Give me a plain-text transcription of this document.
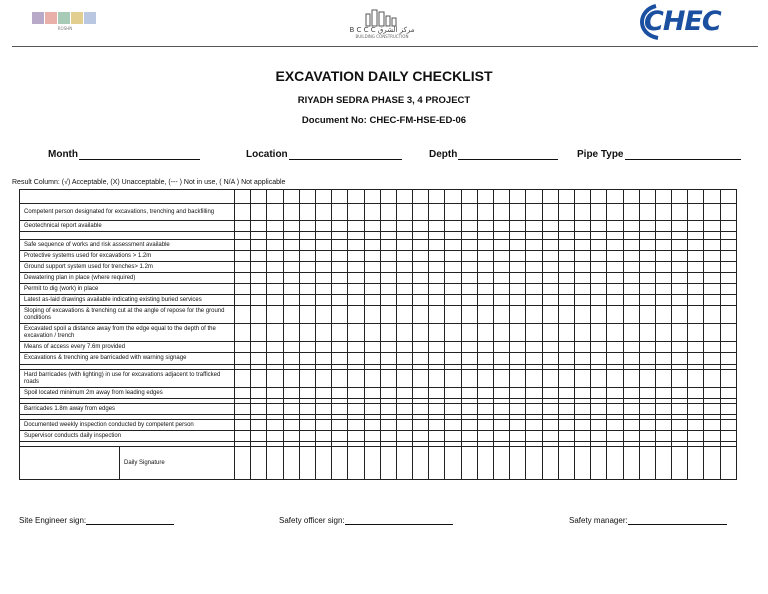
ROSHN	B C C C مركز الشرق
BUILDING CONSTRUCTION	CHEC
EXCAVATION DAILY CHECKLIST
RIYADH SEDRA PHASE 3, 4 PROJECT
Document No: CHEC-FM-HSE-ED-06
Month	Location	Depth	Pipe Type
Result Column: (√) Acceptable, (X) Unacceptable, (--- ) Not in use, ( N/A ) Not applicable

Competent person designated for excavations, trenching and backfilling																																
Geotechnical report available																																

Safe sequence of works and risk assessment available																																
Protective systems used for excavations > 1.2m																																
Ground support system used for trenches> 1.2m																																
Dewatering plan in place (where required)																																
Permit to dig (work) in place																																
Latest as-laid drawings available indicating existing buried services																																
Sloping of excavations & trenching cut at the angle of repose for the ground conditions																																
Excavated spoil a distance away from the edge equal to the depth of the excavation / trench																																
Means of access every 7.6m provided																																
Excavations & trenching are barricaded with warning signage																																

Hard barricades (with lighting) in use for excavations adjacent to trafficked roads																																
Spoil located minimum 2m away from leading edges																																

Barricades 1.8m away from edges																																

Documented weekly inspection conducted by competent person																																
Supervisor conducts daily inspection																																

	Daily Signature																															
Site Engineer sign:	Safety officer sign:	Safety manager:
